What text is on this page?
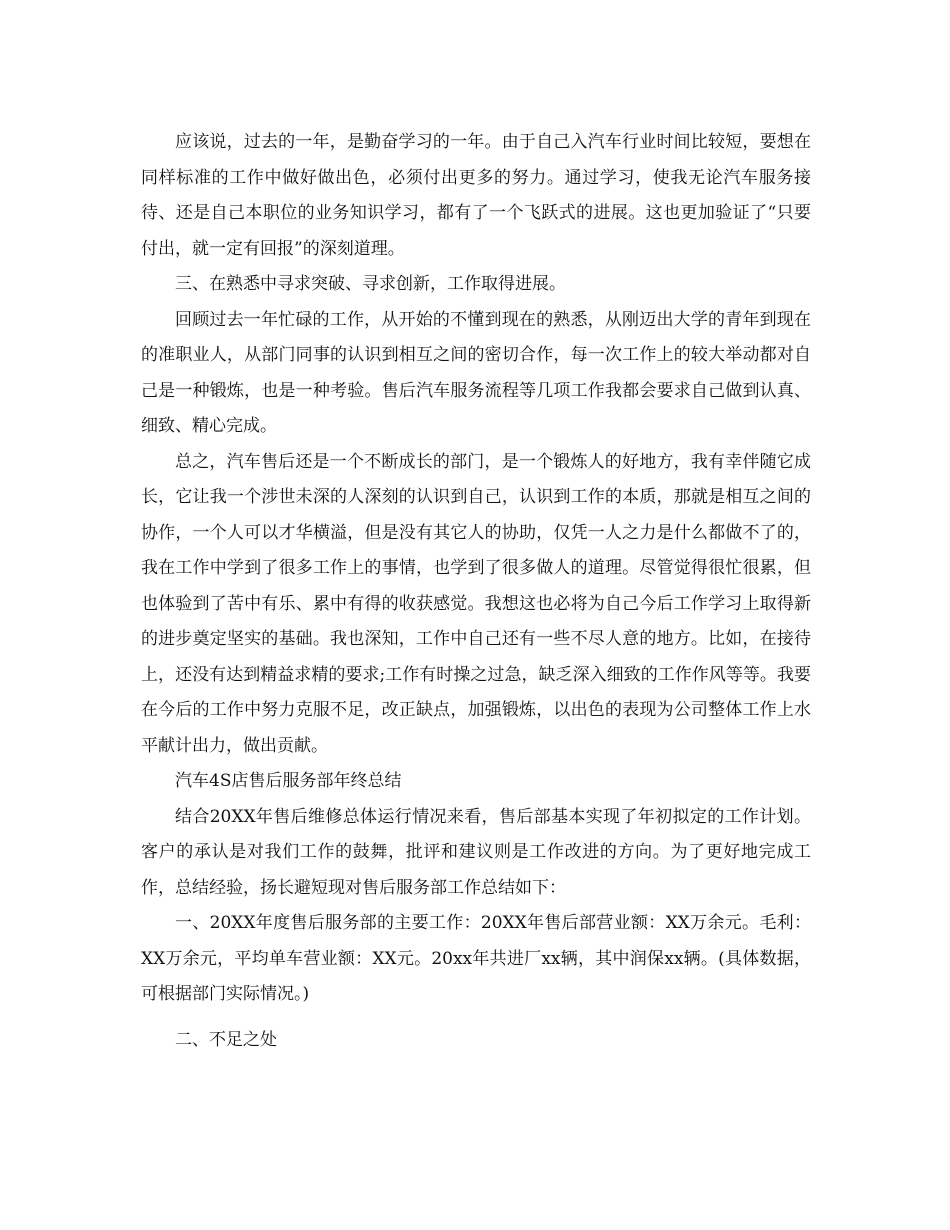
应该说，过去的一年，是勤奋学习的一年。由于自己入汽车行业时间比较短，要想在同样标准的工作中做好做出色，必须付出更多的努力。通过学习，使我无论汽车服务接待、还是自己本职位的业务知识学习，都有了一个飞跃式的进展。这也更加验证了“只要付出，就一定有回报”的深刻道理。

三、在熟悉中寻求突破、寻求创新，工作取得进展。

回顾过去一年忙碌的工作，从开始的不懂到现在的熟悉，从刚迈出大学的青年到现在的准职业人，从部门同事的认识到相互之间的密切合作，每一次工作上的较大举动都对自己是一种锻炼，也是一种考验。售后汽车服务流程等几项工作我都会要求自己做到认真、细致、精心完成。

总之，汽车售后还是一个不断成长的部门，是一个锻炼人的好地方，我有幸伴随它成长，它让我一个涉世未深的人深刻的认识到自己，认识到工作的本质，那就是相互之间的协作，一个人可以才华横溢，但是没有其它人的协助，仅凭一人之力是什么都做不了的，我在工作中学到了很多工作上的事情，也学到了很多做人的道理。尽管觉得很忙很累，但也体验到了苦中有乐、累中有得的收获感觉。我想这也必将为自己今后工作学习上取得新的进步奠定坚实的基础。我也深知，工作中自己还有一些不尽人意的地方。比如，在接待上，还没有达到精益求精的要求;工作有时操之过急，缺乏深入细致的工作作风等等。我要在今后的工作中努力克服不足，改正缺点，加强锻炼，以出色的表现为公司整体工作上水平献计出力，做出贡献。

汽车4S店售后服务部年终总结

结合20XX年售后维修总体运行情况来看，售后部基本实现了年初拟定的工作计划。客户的承认是对我们工作的鼓舞，批评和建议则是工作改进的方向。为了更好地完成工作，总结经验，扬长避短现对售后服务部工作总结如下：

一、20XX年度售后服务部的主要工作：20XX年售后部营业额：XX万余元。毛利：XX万余元，平均单车营业额：XX元。20xx年共进厂xx辆，其中润保xx辆。(具体数据，可根据部门实际情况。)

二、不足之处
